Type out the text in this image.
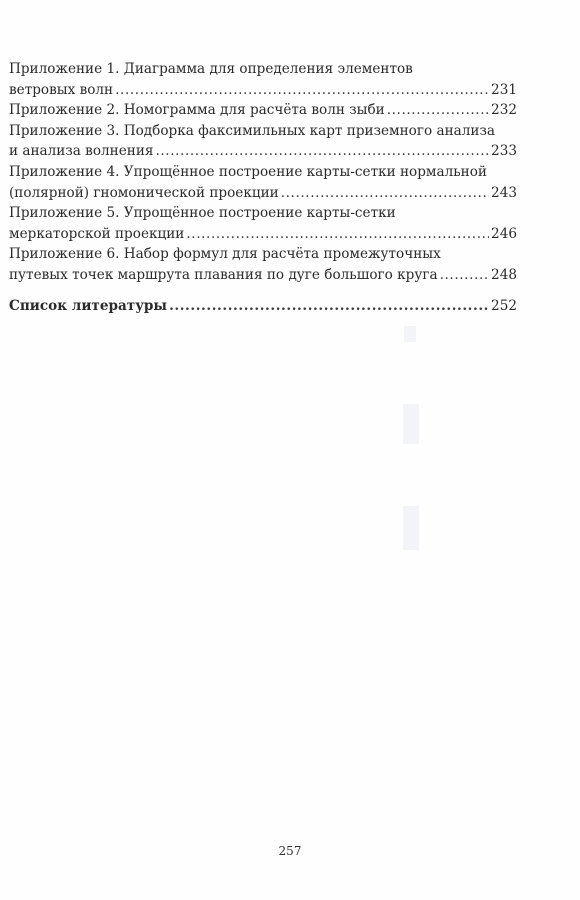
Приложение 1. Диаграмма для определения элементов
ветровых волн .....	231
Приложение 2. Номограмма для расчёта волн зыби .....	232
Приложение 3. Подборка факсимильных карт приземного анализа
и анализа волнения .....	233
Приложение 4. Упрощённое построение карты-сетки нормальной
(полярной) гномонической проекции .....	243
Приложение 5. Упрощённое построение карты-сетки
меркаторской проекции .....	246
Приложение 6. Набор формул для расчёта промежуточных
путевых точек маршрута плавания по дуге большого круга .....	248
Список литературы .....	252
257
